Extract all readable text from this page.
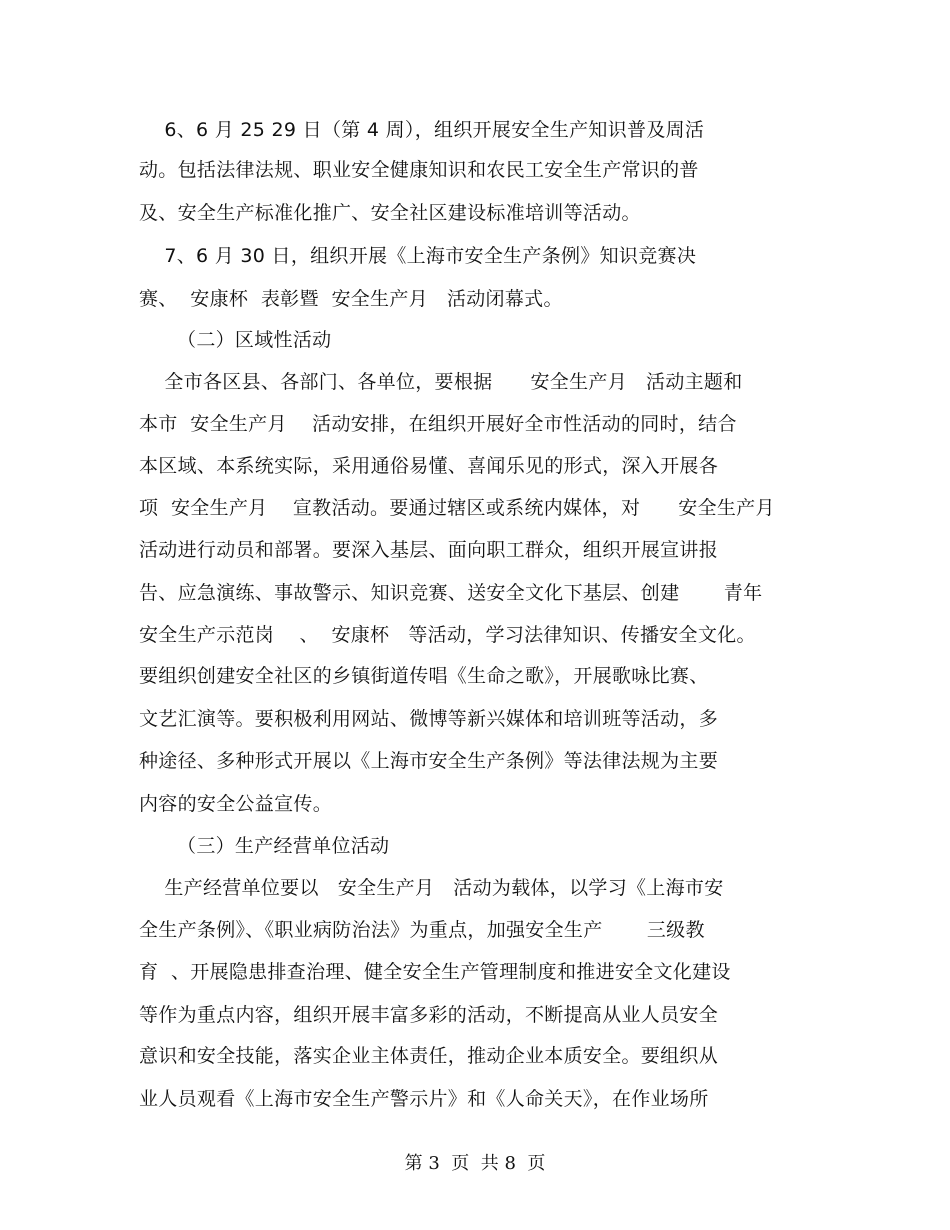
6、6 月 25 29 日（第 4 周），组织开展安全生产知识普及周活
动。包括法律法规、职业安全健康知识和农民工安全生产常识的普
及、安全生产标准化推广、安全社区建设标准培训等活动。
7、6 月 30 日，组织开展《上海市安全生产条例》知识竞赛决
赛、  安康杯  表彰暨  安全生产月   活动闭幕式。
（二）区域性活动
全市各区县、各部门、各单位，要根据      安全生产月   活动主题和
本市  安全生产月    活动安排，在组织开展好全市性活动的同时，结合
本区域、本系统实际，采用通俗易懂、喜闻乐见的形式，深入开展各
项  安全生产月    宣教活动。要通过辖区或系统内媒体，对      安全生产月
活动进行动员和部署。要深入基层、面向职工群众，组织开展宣讲报
告、应急演练、事故警示、知识竞赛、送安全文化下基层、创建       青年
安全生产示范岗    、  安康杯   等活动，学习法律知识、传播安全文化。
要组织创建安全社区的乡镇街道传唱《生命之歌》，开展歌咏比赛、
文艺汇演等。要积极利用网站、微博等新兴媒体和培训班等活动，多
种途径、多种形式开展以《上海市安全生产条例》等法律法规为主要
内容的安全公益宣传。
（三）生产经营单位活动
生产经营单位要以   安全生产月   活动为载体，以学习《上海市安
全生产条例》、《职业病防治法》为重点，加强安全生产       三级教
育  、开展隐患排查治理、健全安全生产管理制度和推进安全文化建设
等作为重点内容，组织开展丰富多彩的活动，不断提高从业人员安全
意识和安全技能，落实企业主体责任，推动企业本质安全。要组织从
业人员观看《上海市安全生产警示片》和《人命关天》，在作业场所
第 3  页  共 8  页
